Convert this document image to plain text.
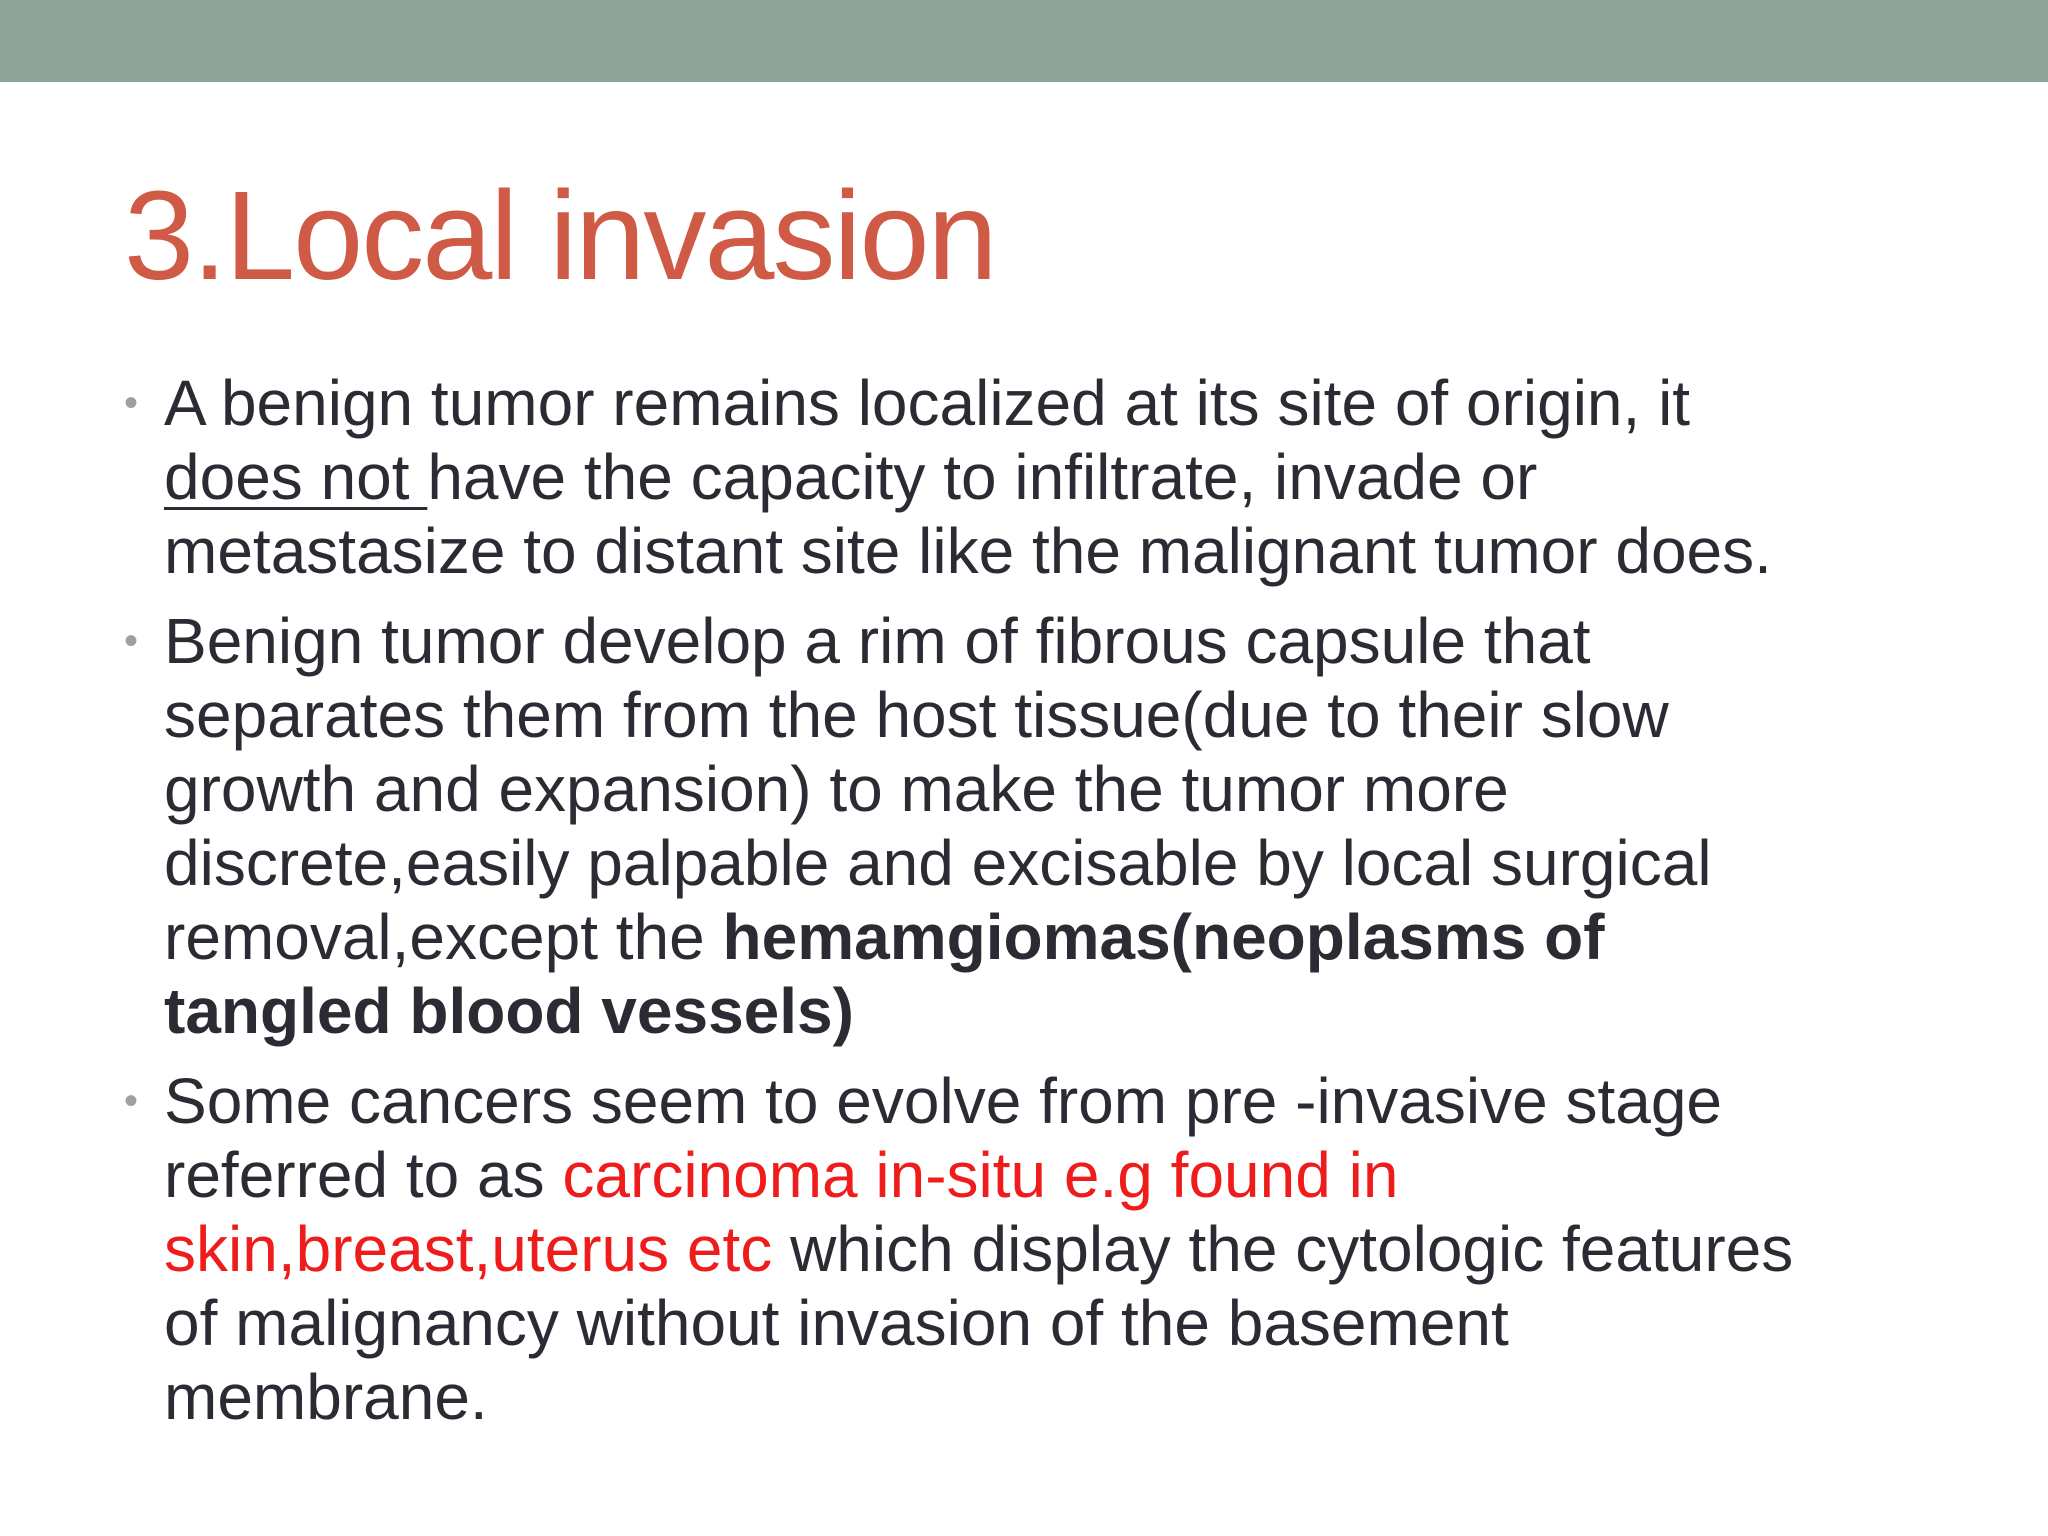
3.Local invasion
• A benign tumor remains localized at its site of origin, it
does not have the capacity to infiltrate, invade or
metastasize to distant site like the malignant tumor does.
• Benign tumor develop a rim of fibrous capsule that
separates them from the host tissue(due to their slow
growth and expansion) to make the tumor more
discrete,easily palpable and excisable by local surgical
removal,except the hemamgiomas(neoplasms of
tangled blood vessels)
• Some cancers seem to evolve from pre -invasive stage
referred to as carcinoma in-situ e.g found in
skin,breast,uterus etc which display the cytologic features
of malignancy without invasion of the basement
membrane.
